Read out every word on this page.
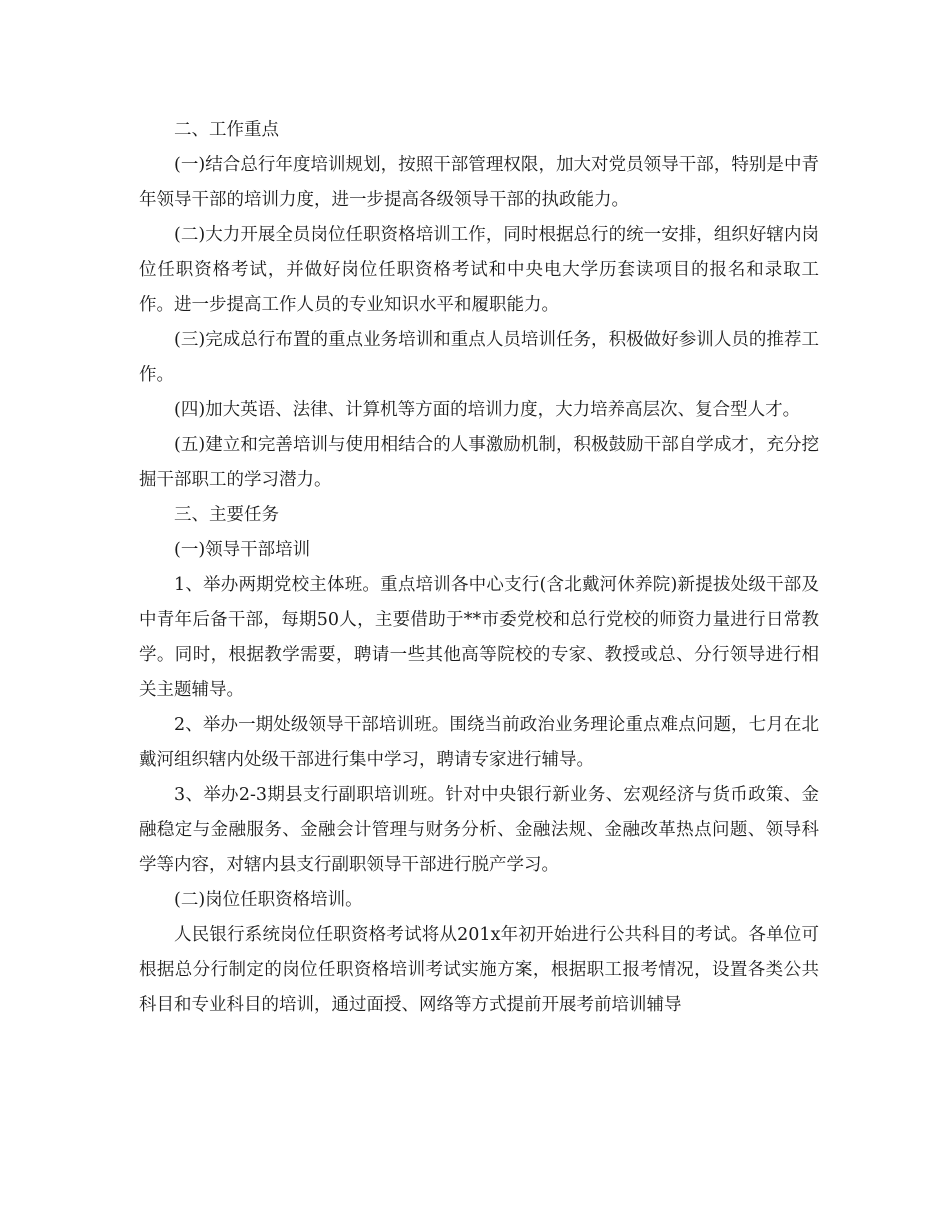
二、工作重点

(一)结合总行年度培训规划，按照干部管理权限，加大对党员领导干部，特别是中青年领导干部的培训力度，进一步提高各级领导干部的执政能力。

(二)大力开展全员岗位任职资格培训工作，同时根据总行的统一安排，组织好辖内岗位任职资格考试，并做好岗位任职资格考试和中央电大学历套读项目的报名和录取工作。进一步提高工作人员的专业知识水平和履职能力。

(三)完成总行布置的重点业务培训和重点人员培训任务，积极做好参训人员的推荐工作。

(四)加大英语、法律、计算机等方面的培训力度，大力培养高层次、复合型人才。

(五)建立和完善培训与使用相结合的人事激励机制，积极鼓励干部自学成才，充分挖掘干部职工的学习潜力。

三、主要任务

(一)领导干部培训

1、举办两期党校主体班。重点培训各中心支行(含北戴河休养院)新提拔处级干部及中青年后备干部，每期50人，主要借助于**市委党校和总行党校的师资力量进行日常教学。同时，根据教学需要，聘请一些其他高等院校的专家、教授或总、分行领导进行相关主题辅导。

2、举办一期处级领导干部培训班。围绕当前政治业务理论重点难点问题，七月在北戴河组织辖内处级干部进行集中学习，聘请专家进行辅导。

3、举办2-3期县支行副职培训班。针对中央银行新业务、宏观经济与货币政策、金融稳定与金融服务、金融会计管理与财务分析、金融法规、金融改革热点问题、领导科学等内容，对辖内县支行副职领导干部进行脱产学习。

(二)岗位任职资格培训。

人民银行系统岗位任职资格考试将从201x年初开始进行公共科目的考试。各单位可根据总分行制定的岗位任职资格培训考试实施方案，根据职工报考情况，设置各类公共科目和专业科目的培训，通过面授、网络等方式提前开展考前培训辅导
